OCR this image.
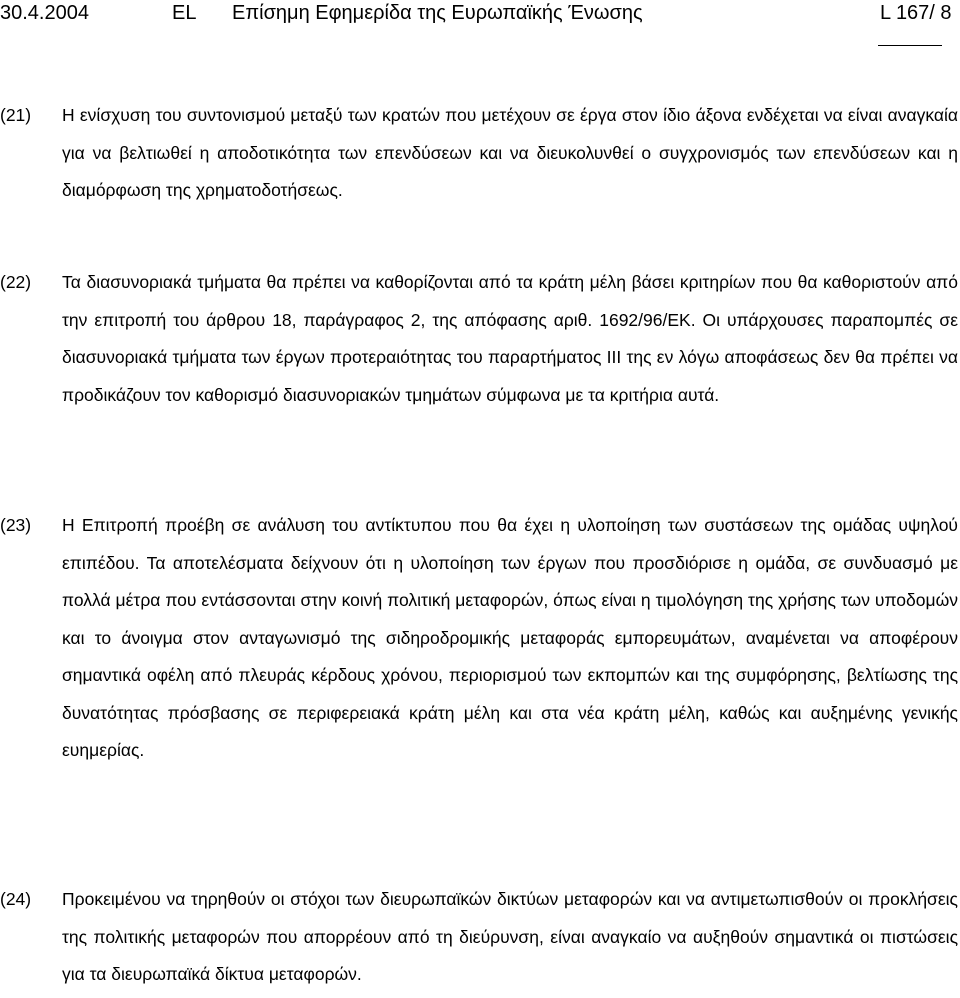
30.4.2004	EL Επίσημη Εφημερίδα της Ευρωπαϊκής Ένωσης	L 167/ 8
(21) Η ενίσχυση του συντονισμού μεταξύ των κρατών που μετέχουν σε έργα στον ίδιο άξονα ενδέχεται να είναι αναγκαία για να βελτιωθεί η αποδοτικότητα των επενδύσεων και να διευκολυνθεί ο συγχρονισμός των επενδύσεων και η διαμόρφωση της χρηματοδοτήσεως.
(22) Τα διασυνοριακά τμήματα θα πρέπει να καθορίζονται από τα κράτη μέλη βάσει κριτηρίων που θα καθοριστούν από την επιτροπή του άρθρου 18, παράγραφος 2, της απόφασης αριθ. 1692/96/ΕΚ. Οι υπάρχουσες παραπομπές σε διασυνοριακά τμήματα των έργων προτεραιότητας του παραρτήματος ΙΙΙ της εν λόγω αποφάσεως δεν θα πρέπει να προδικάζουν τον καθορισμό διασυνοριακών τμημάτων σύμφωνα με τα κριτήρια αυτά.
(23) Η Επιτροπή προέβη σε ανάλυση του αντίκτυπου που θα έχει η υλοποίηση των συστάσεων της ομάδας υψηλού επιπέδου. Τα αποτελέσματα δείχνουν ότι η υλοποίηση των έργων που προσδιόρισε η ομάδα, σε συνδυασμό με πολλά μέτρα που εντάσσονται στην κοινή πολιτική μεταφορών, όπως είναι η τιμολόγηση της χρήσης των υποδομών και το άνοιγμα στον ανταγωνισμό της σιδηροδρομικής μεταφοράς εμπορευμάτων, αναμένεται να αποφέρουν σημαντικά οφέλη από πλευράς κέρδους χρόνου, περιορισμού των εκπομπών και της συμφόρησης, βελτίωσης της δυνατότητας πρόσβασης σε περιφερειακά κράτη μέλη και στα νέα κράτη μέλη, καθώς και αυξημένης γενικής ευημερίας.
(24) Προκειμένου να τηρηθούν οι στόχοι των διευρωπαϊκών δικτύων μεταφορών και να αντιμετωπισθούν οι προκλήσεις της πολιτικής μεταφορών που απορρέουν από τη διεύρυνση, είναι αναγκαίο να αυξηθούν σημαντικά οι πιστώσεις για τα διευρωπαϊκά δίκτυα μεταφορών.
